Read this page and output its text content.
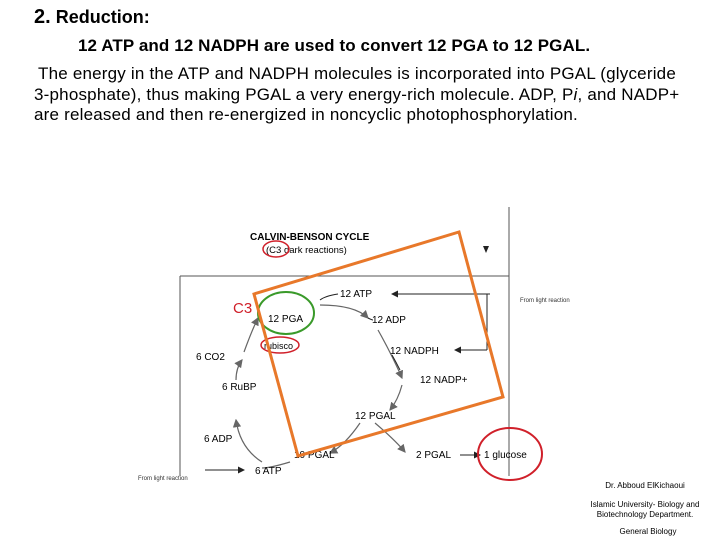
2. Reduction:
12 ATP and 12 NADPH are used to convert 12 PGA to 12 PGAL.
The energy in the ATP and NADPH molecules is incorporated into PGAL (glyceride 3-phosphate), thus making PGAL a very energy-rich molecule. ADP, Pi, and NADP+ are released and then re-energized in noncyclic photophosphorylation.
CALVIN-BENSON CYCLE
(C3 dark reactions)
From light reaction
From light reaction
12 ATP
12 PGA	12 ADP
12 NADPH
12 NADP+
12 PGAL
2 PGAL	1 glucose
10 PGAL
6 ATP
6 ADP
6 RuBP
6 CO2
rubisco
C3
Dr. Abboud ElKichaoui
Islamic University- Biology and Biotechnology Department.
General Biology
